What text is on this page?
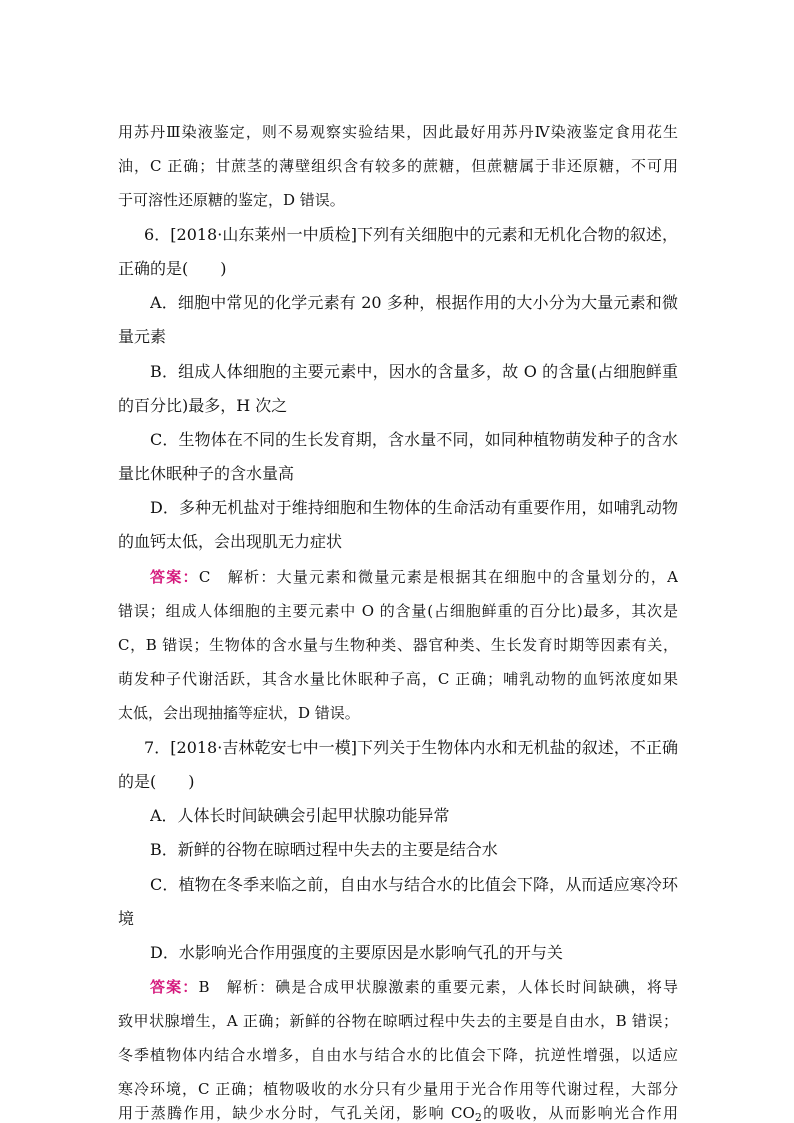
用苏丹Ⅲ染液鉴定，则不易观察实验结果，因此最好用苏丹Ⅳ染液鉴定食用花生
油，C 正确；甘蔗茎的薄壁组织含有较多的蔗糖，但蔗糖属于非还原糖，不可用
于可溶性还原糖的鉴定，D 错误。
6．[2018·山东莱州一中质检]下列有关细胞中的元素和无机化合物的叙述，
正确的是(　　)
A．细胞中常见的化学元素有 20 多种，根据作用的大小分为大量元素和微
量元素
B．组成人体细胞的主要元素中，因水的含量多，故 O 的含量(占细胞鲜重
的百分比)最多，H 次之
C．生物体在不同的生长发育期，含水量不同，如同种植物萌发种子的含水
量比休眠种子的含水量高
D．多种无机盐对于维持细胞和生物体的生命活动有重要作用，如哺乳动物
的血钙太低，会出现肌无力症状
答案：C　解析：大量元素和微量元素是根据其在细胞中的含量划分的，A
错误；组成人体细胞的主要元素中 O 的含量(占细胞鲜重的百分比)最多，其次是
C，B 错误；生物体的含水量与生物种类、器官种类、生长发育时期等因素有关，
萌发种子代谢活跃，其含水量比休眠种子高，C 正确；哺乳动物的血钙浓度如果
太低，会出现抽搐等症状，D 错误。
7．[2018·吉林乾安七中一模]下列关于生物体内水和无机盐的叙述，不正确
的是(　　)
A．人体长时间缺碘会引起甲状腺功能异常
B．新鲜的谷物在晾晒过程中失去的主要是结合水
C．植物在冬季来临之前，自由水与结合水的比值会下降，从而适应寒冷环
境
D．水影响光合作用强度的主要原因是水影响气孔的开与关
答案：B　解析：碘是合成甲状腺激素的重要元素，人体长时间缺碘，将导
致甲状腺增生，A 正确；新鲜的谷物在晾晒过程中失去的主要是自由水，B 错误；
冬季植物体内结合水增多，自由水与结合水的比值会下降，抗逆性增强，以适应
寒冷环境，C 正确；植物吸收的水分只有少量用于光合作用等代谢过程，大部分
用于蒸腾作用，缺少水分时，气孔关闭，影响 $CO_2$的吸收，从而影响光合作用
